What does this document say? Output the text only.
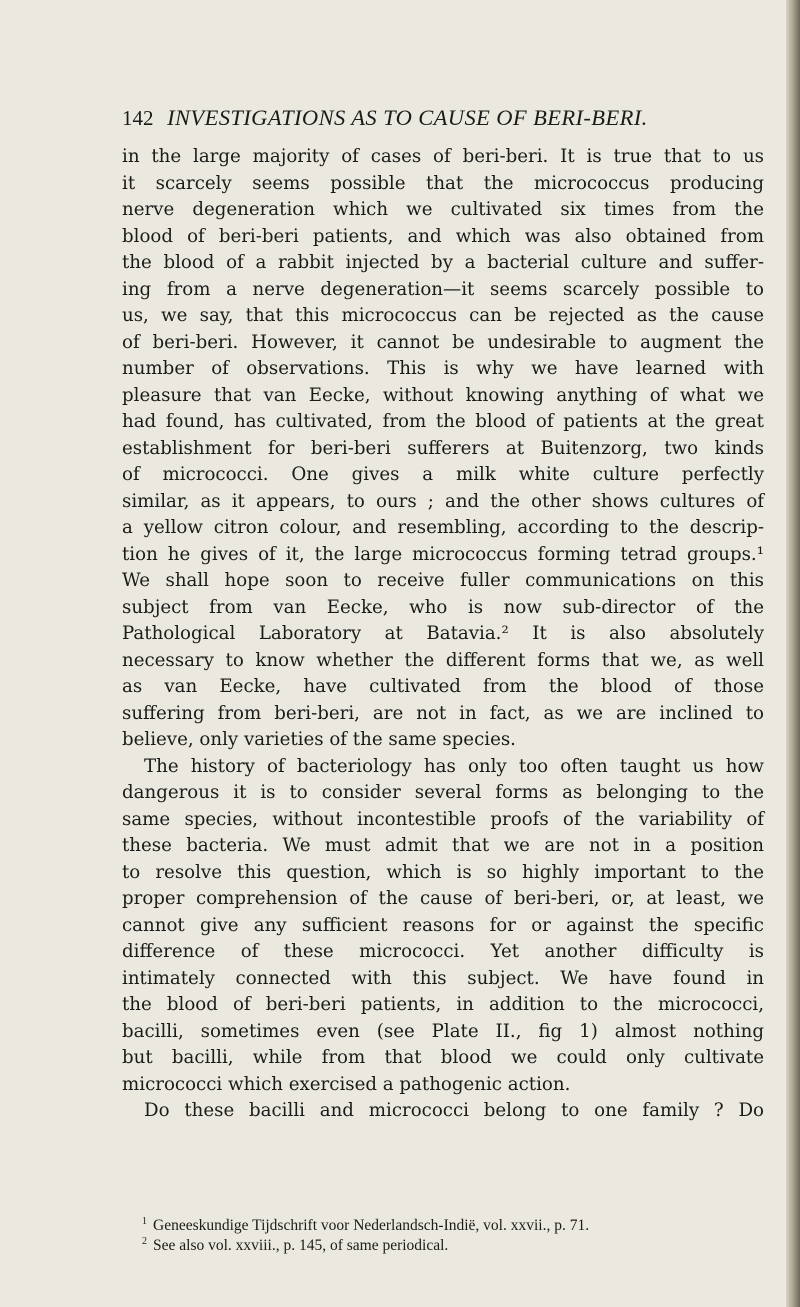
142 INVESTIGATIONS AS TO CAUSE OF BERI-BERI.
in the large majority of cases of beri-beri. It is true that to us
it scarcely seems possible that the micrococcus producing
nerve degeneration which we cultivated six times from the
blood of beri-beri patients, and which was also obtained from
the blood of a rabbit injected by a bacterial culture and suffer-
ing from a nerve degeneration—it seems scarcely possible to
us, we say, that this micrococcus can be rejected as the cause
of beri-beri. However, it cannot be undesirable to augment the
number of observations. This is why we have learned with
pleasure that van Eecke, without knowing anything of what we
had found, has cultivated, from the blood of patients at the great
establishment for beri-beri sufferers at Buitenzorg, two kinds
of micrococci. One gives a milk white culture perfectly
similar, as it appears, to ours ; and the other shows cultures of
a yellow citron colour, and resembling, according to the descrip-
tion he gives of it, the large micrococcus forming tetrad groups.¹
We shall hope soon to receive fuller communications on this
subject from van Eecke, who is now sub-director of the
Pathological Laboratory at Batavia.² It is also absolutely
necessary to know whether the different forms that we, as well
as van Eecke, have cultivated from the blood of those
suffering from beri-beri, are not in fact, as we are inclined to
believe, only varieties of the same species.
The history of bacteriology has only too often taught us how
dangerous it is to consider several forms as belonging to the
same species, without incontestible proofs of the variability of
these bacteria. We must admit that we are not in a position
to resolve this question, which is so highly important to the
proper comprehension of the cause of beri-beri, or, at least, we
cannot give any sufficient reasons for or against the specific
difference of these micrococci. Yet another difficulty is
intimately connected with this subject. We have found in
the blood of beri-beri patients, in addition to the micrococci,
bacilli, sometimes even (see Plate II., fig 1) almost nothing
but bacilli, while from that blood we could only cultivate
micrococci which exercised a pathogenic action.
Do these bacilli and micrococci belong to one family ? Do
$^1$ Geneeskundige Tijdschrift voor Nederlandsch-Indië, vol. xxvii., p. 71.
$^2$ See also vol. xxviii., p. 145, of same periodical.
